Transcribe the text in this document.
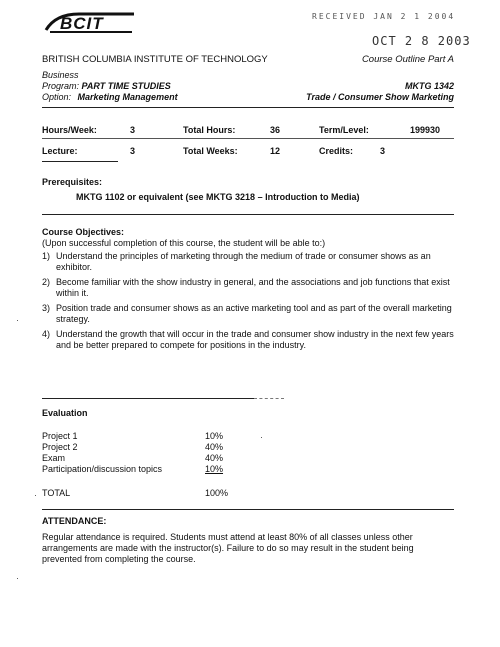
BCIT	RECEIVED JAN 2 1 2004
OCT 2 8 2003
BRITISH COLUMBIA INSTITUTE OF TECHNOLOGY	Course Outline Part A
Business
Program: PART TIME STUDIES	MKTG 1342
Option: Marketing Management	Trade / Consumer Show Marketing
Hours/Week:	3	Total Hours:	36	Term/Level:	199930
Lecture:	3	Total Weeks:	12	Credits:	3
Prerequisites:
MKTG 1102 or equivalent (see MKTG 3218 – Introduction to Media)
Course Objectives:
(Upon successful completion of this course, the student will be able to:)
1) Understand the principles of marketing through the medium of trade or consumer shows as an exhibitor.
2) Become familiar with the show industry in general, and the associations and job functions that exist within it.
3) Position trade and consumer shows as an active marketing tool and as part of the overall marketing strategy.
4) Understand the growth that will occur in the trade and consumer show industry in the next few years and be better prepared to compete for positions in the industry.
Evaluation
Project 1	10%
Project 2	40%
Exam	40%
Participation/discussion topics	10%
TOTAL	100%
ATTENDANCE:
Regular attendance is required. Students must attend at least 80% of all classes unless other
arrangements are made with the instructor(s). Failure to do so may result in the student being
prevented from completing the course.
·
·
·
·
